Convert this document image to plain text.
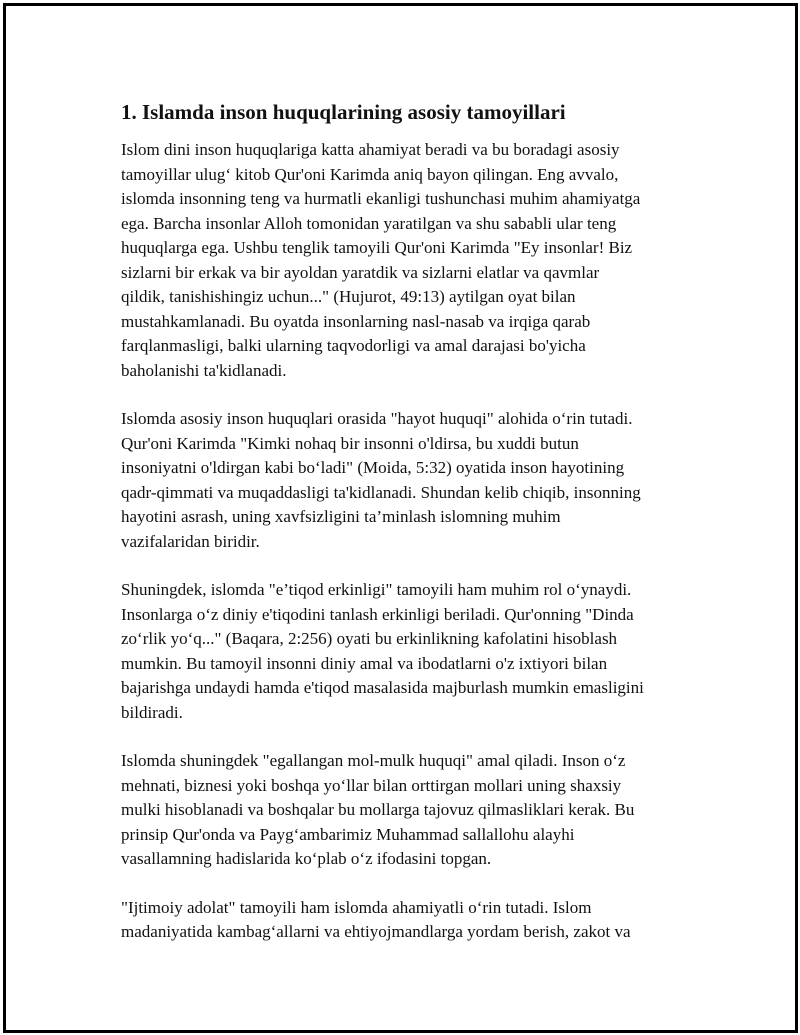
1. Islamda inson huquqlarining asosiy tamoyillari

Islom dini inson huquqlariga katta ahamiyat beradi va bu boradagi asosiy
tamoyillar ulug‘ kitob Qur'oni Karimda aniq bayon qilingan. Eng avvalo,
islomda insonning teng va hurmatli ekanligi tushunchasi muhim ahamiyatga
ega. Barcha insonlar Alloh tomonidan yaratilgan va shu sababli ular teng
huquqlarga ega. Ushbu tenglik tamoyili Qur'oni Karimda "Ey insonlar! Biz
sizlarni bir erkak va bir ayoldan yaratdik va sizlarni elatlar va qavmlar
qildik, tanishishingiz uchun..." (Hujurot, 49:13) aytilgan oyat bilan
mustahkamlanadi. Bu oyatda insonlarning nasl-nasab va irqiga qarab
farqlanmasligi, balki ularning taqvodorligi va amal darajasi bo'yicha
baholanishi ta'kidlanadi.

Islomda asosiy inson huquqlari orasida "hayot huquqi" alohida o‘rin tutadi.
Qur'oni Karimda "Kimki nohaq bir insonni o'ldirsa, bu xuddi butun
insoniyatni o'ldirgan kabi bo‘ladi" (Moida, 5:32) oyatida inson hayotining
qadr-qimmati va muqaddasligi ta'kidlanadi. Shundan kelib chiqib, insonning
hayotini asrash, uning xavfsizligini ta’minlash islomning muhim
vazifalaridan biridir.

Shuningdek, islomda "e’tiqod erkinligi" tamoyili ham muhim rol o‘ynaydi.
Insonlarga o‘z diniy e'tiqodini tanlash erkinligi beriladi. Qur'onning "Dinda
zo‘rlik yo‘q..." (Baqara, 2:256) oyati bu erkinlikning kafolatini hisoblash
mumkin. Bu tamoyil insonni diniy amal va ibodatlarni o'z ixtiyori bilan
bajarishga undaydi hamda e'tiqod masalasida majburlash mumkin emasligini
bildiradi.

Islomda shuningdek "egallangan mol-mulk huquqi" amal qiladi. Inson o‘z
mehnati, biznesi yoki boshqa yo‘llar bilan orttirgan mollari uning shaxsiy
mulki hisoblanadi va boshqalar bu mollarga tajovuz qilmasliklari kerak. Bu
prinsip Qur'onda va Payg‘ambarimiz Muhammad sallallohu alayhi
vasallamning hadislarida ko‘plab o‘z ifodasini topgan.

"Ijtimoiy adolat" tamoyili ham islomda ahamiyatli o‘rin tutadi. Islom
madaniyatida kambag‘allarni va ehtiyojmandlarga yordam berish, zakot va
